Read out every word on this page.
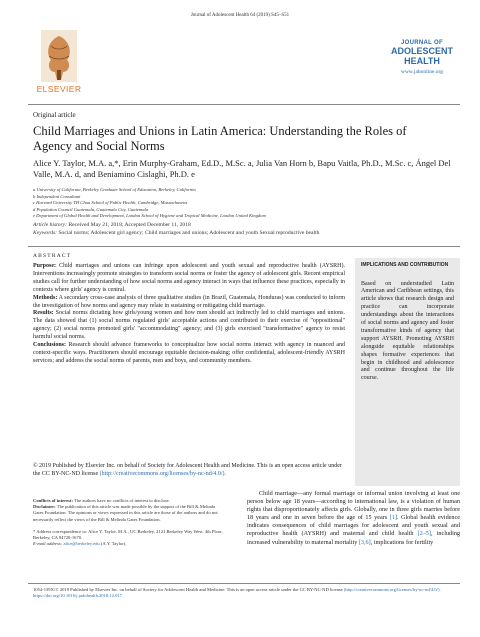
Journal of Adolescent Health 64 (2019) S45–S51
ELSEVIER
JOURNAL OF
ADOLESCENT
HEALTH
www.jahonline.org
Original article
Child Marriages and Unions in Latin America: Understanding the Roles of Agency and Social Norms
Alice Y. Taylor, M.A. a,*, Erin Murphy-Graham, Ed.D., M.Sc. a, Julia Van Horn b, Bapu Vaitla, Ph.D., M.Sc. c, Ángel Del Valle, M.A. d, and Beniamino Cislaghi, Ph.D. e
a University of California, Berkeley Graduate School of Education, Berkeley, California
b Independent Consultant
c Harvard University TH Chan School of Public Health, Cambridge, Massachusetts
d Population Council Guatemala, Guatemala City, Guatemala
e Department of Global Health and Development, London School of Hygiene and Tropical Medicine, London United Kingdom
Article history: Received May 21, 2018; Accepted December 11, 2018
Keywords: Social norms; Adolescent girl agency; Child marriages and unions; Adolescent and youth Sexual reproductive health
ABSTRACT

Purpose: Child marriages and unions can infringe upon adolescent and youth sexual and reproductive health (AYSRH). Interventions increasingly promote strategies to transform social norms or foster the agency of adolescent girls. Recent empirical studies call for further understanding of how social norms and agency interact in ways that influence these practices, especially in contexts where girls' agency is central.

Methods: A secondary cross-case analysis of three qualitative studies (in Brazil, Guatemala, Honduras) was conducted to inform the investigation of how norms and agency may relate in sustaining or mitigating child marriage.

Results: Social norms dictating how girls/young women and how men should act indirectly led to child marriages and unions. The data showed that (1) social norms regulated girls' acceptable actions and contributed to their exercise of "oppositional" agency; (2) social norms promoted girls' "accommodating" agency; and (3) girls exercised "transformative" agency to resist harmful social norms.

Conclusions: Research should advance frameworks to conceptualize how social norms interact with agency in nuanced and context-specific ways. Practitioners should encourage equitable decision-making; offer confidential, adolescent-friendly AYSRH services; and address the social norms of parents, men and boys, and community members.

© 2019 Published by Elsevier Inc. on behalf of Society for Adolescent Health and Medicine. This is an open access article under the CC BY-NC-ND license (http://creativecommons.org/licenses/by-nc-nd/4.0/).
IMPLICATIONS AND CONTRIBUTION
Based on understudied Latin American and Caribbean settings, this article shows that research design and practice can incorporate understandings about the interactions of social norms and agency and foster transformative kinds of agency that support AYSRH. Promoting AYSRH alongside equitable relationships shapes formative experiences that begin in childhood and adolescence and continue throughout the life course.
Conflicts of interest: The authors have no conflicts of interest to disclose.
Disclaimer: The publication of this article was made possible by the support of the Bill & Melinda Gates Foundation. The opinions or views expressed in this article are those of the authors and do not necessarily reflect the views of the Bill & Melinda Gates Foundation.
* Address correspondence to: Alice Y. Taylor, M.A., UC Berkeley, 2121 Berkeley Way West, 4th Floor, Berkeley, CA 94720-1670.
E-mail address: alice@berkeley.edu (A.Y. Taylor).
Child marriage—any formal marriage or informal union involving at least one person below age 18 years—according to international law, is a violation of human rights that disproportionately affects girls. Globally, one in three girls marries before 18 years and one in seven before the age of 15 years [1]. Global health evidence indicates consequences of child marriages for adolescent and youth sexual and reproductive health (AYSRH) and maternal and child health [2–5], including increased vulnerability to maternal mortality [3,6], implications for fertility
1054-139X/© 2019 Published by Elsevier Inc. on behalf of Society for Adolescent Health and Medicine. This is an open access article under the CC BY-NC-ND license (http://creativecommons.org/licenses/by-nc-nd/4.0/).
https://doi.org/10.1016/j.jadohealth.2018.12.017
